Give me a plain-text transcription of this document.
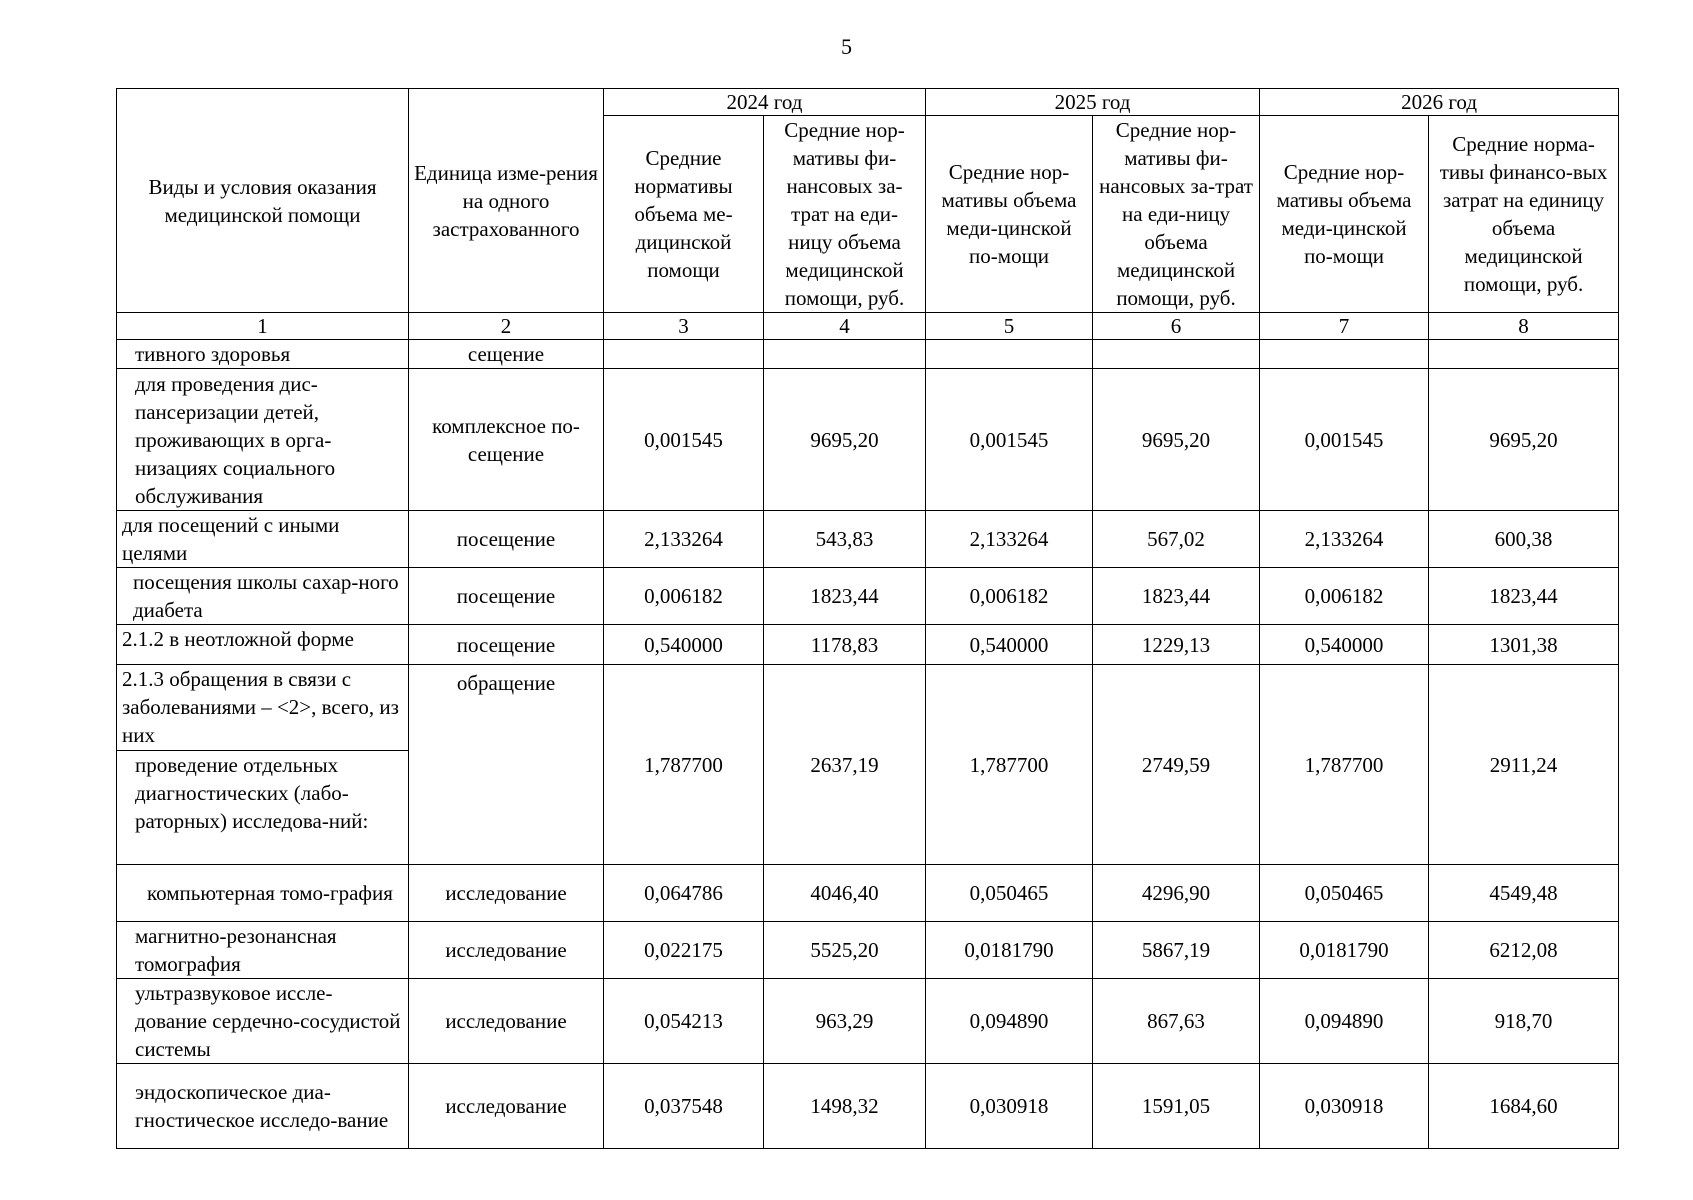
5
Виды и условия оказания медицинской помощи	Единица изме-рения на одного застрахованного	2024 год		2025 год		2026 год	
		Средние нормативы объема ме-дицинской помощи	Средние нор-мативы фи-нансовых за-трат на еди-ницу объема медицинской помощи, руб.	Средние нор-мативы объема меди-цинской по-мощи	Средние нор-мативы фи-нансовых за-трат на еди-ницу объема медицинской помощи, руб.	Средние нор-мативы объема меди-цинской по-мощи	Средние норма-тивы финансо-вых затрат на единицу объема медицинской помощи, руб.
1	2	3	4	5	6	7	8
тивного здоровья	сещение						
для проведения дис-пансеризации детей, проживающих в орга-низациях социального обслуживания	комплексное по-сещение	0,001545	9695,20	0,001545	9695,20	0,001545	9695,20
для посещений с иными целями	посещение	2,133264	543,83	2,133264	567,02	2,133264	600,38
посещения школы сахар-ного диабета	посещение	0,006182	1823,44	0,006182	1823,44	0,006182	1823,44
2.1.2 в неотложной форме	посещение	0,540000	1178,83	0,540000	1229,13	0,540000	1301,38
2.1.3 обращения в связи с заболеваниями – <2>, всего, из них	обращение	1,787700	2637,19	1,787700	2749,59	1,787700	2911,24
проведение отдельных диагностических (лабо-раторных) исследова-ний:							
компьютерная томо-графия	исследование	0,064786	4046,40	0,050465	4296,90	0,050465	4549,48
магнитно-резонансная томография	исследование	0,022175	5525,20	0,0181790	5867,19	0,0181790	6212,08
ультразвуковое иссле-дование сердечно-сосудистой системы	исследование	0,054213	963,29	0,094890	867,63	0,094890	918,70
эндоскопическое диа-гностическое исследо-вание	исследование	0,037548	1498,32	0,030918	1591,05	0,030918	1684,60
